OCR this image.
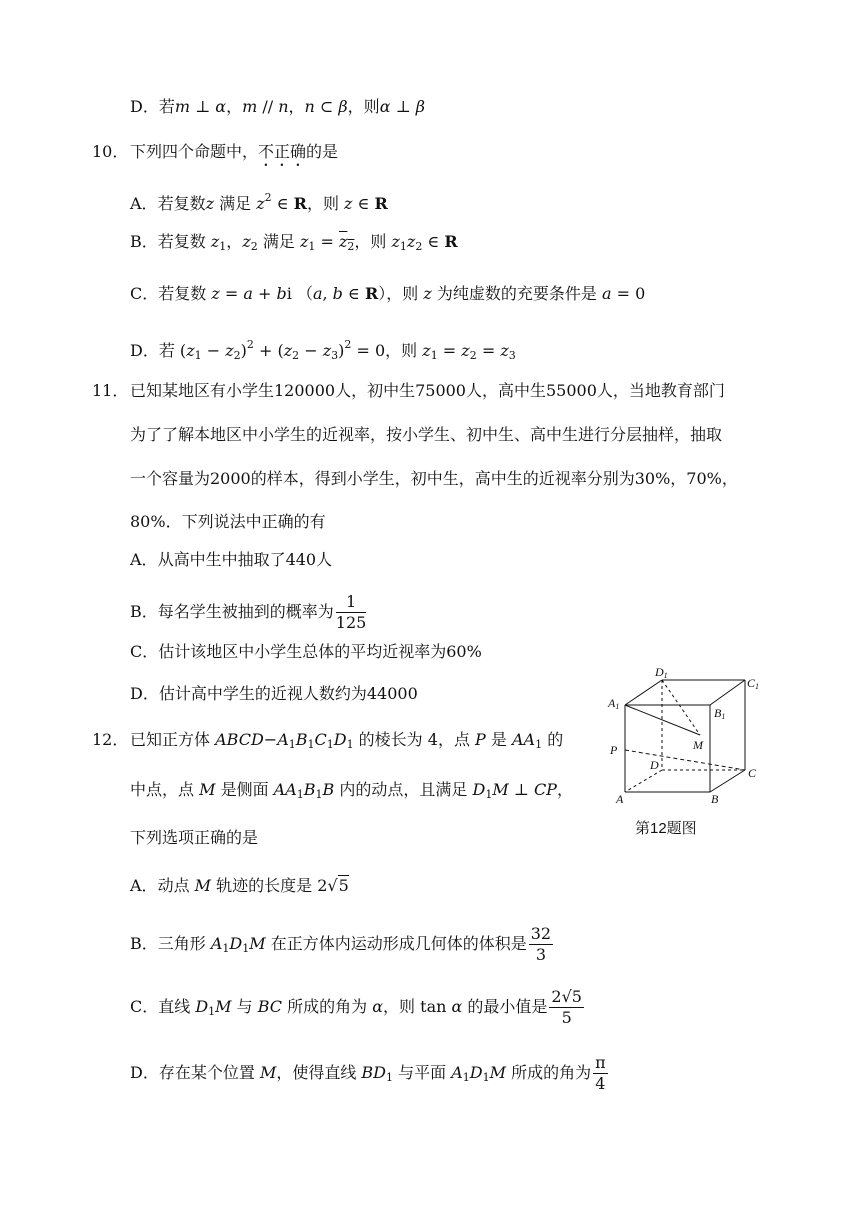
D．若m ⊥ α，m // n，n ⊂ β，则α ⊥ β
10． 下列四个命题中，不正确的是
A．若复数z 满足 $z^2$ ∈ R，则 z ∈ R
B．若复数 $z_1$，$z_2$ 满足 $z_1 = z_2$，则 $z_1z_2$ ∈ R
C．若复数 z = a + bi （a, b ∈ R），则 z 为纯虚数的充要条件是 a = 0
D．若 $(z_1 - z_2)^2 + (z_2 - z_3)^2 = 0$，则 $z_1 = z_2 = z_3$
11． 已知某地区有小学生120000人，初中生75000人，高中生55000人，当地教育部门
为了了解本地区中小学生的近视率，按小学生、初中生、高中生进行分层抽样，抽取
一个容量为2000的样本，得到小学生，初中生，高中生的近视率分别为30%，70%，
80%．下列说法中正确的有
A．从高中生中抽取了440人
B．每名学生被抽到的概率为 $\frac{1}{125}$
C．估计该地区中小学生总体的平均近视率为60%
D．估计高中学生的近视人数约为44000
12． 已知正方体 $ABCD-A_1B_1C_1D_1$ 的棱长为 4，点 P 是 $AA_1$ 的
中点，点 M 是侧面 $AA_1B_1B$ 内的动点，且满足 $D_1M$ ⊥ CP，
下列选项正确的是
A．动点 M 轨迹的长度是 2√5
B．三角形 $A_1D_1M$ 在正方体内运动形成几何体的体积是 $\frac{32}{3}$
C．直线 $D_1M$ 与 BC 所成的角为 α，则 tan α 的最小值是 $\frac{2√5}{5}$
D．存在某个位置 M，使得直线 $BD_1$ 与平面 $A_1D_1M$ 所成的角为 $\frac{\pi}{4}$
D1
C1
A1	B1
M
P
D
C
A	B
第12题图
